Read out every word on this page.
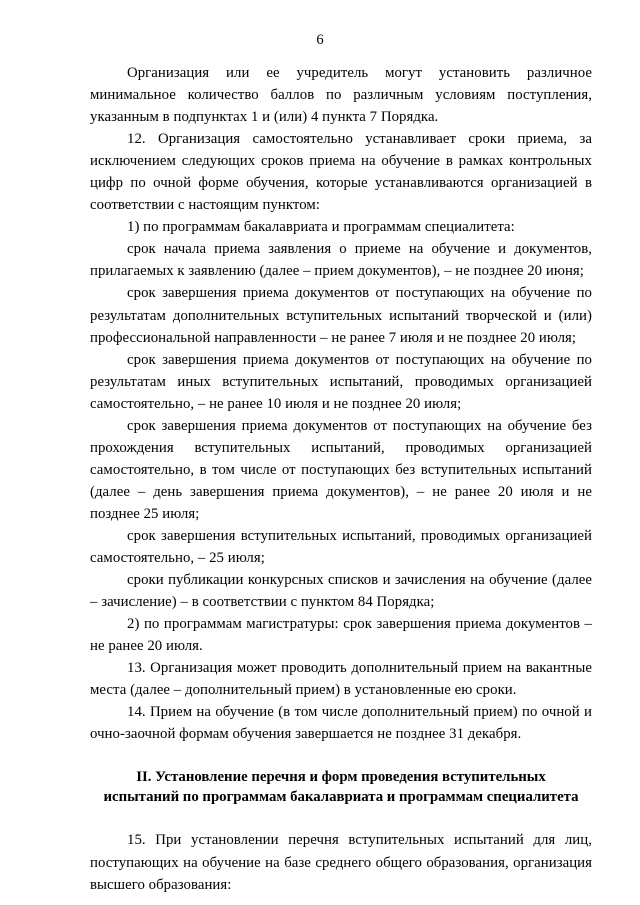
6

Организация или ее учредитель могут установить различное минимальное количество баллов по различным условиям поступления, указанным в подпунктах 1 и (или) 4 пункта 7 Порядка.

12. Организация самостоятельно устанавливает сроки приема, за исключением следующих сроков приема на обучение в рамках контрольных цифр по очной форме обучения, которые устанавливаются организацией в соответствии с настоящим пунктом:

1) по программам бакалавриата и программам специалитета:

срок начала приема заявления о приеме на обучение и документов, прилагаемых к заявлению (далее – прием документов), – не позднее 20 июня;

срок завершения приема документов от поступающих на обучение по результатам дополнительных вступительных испытаний творческой и (или) профессиональной направленности – не ранее 7 июля и не позднее 20 июля;

срок завершения приема документов от поступающих на обучение по результатам иных вступительных испытаний, проводимых организацией самостоятельно, – не ранее 10 июля и не позднее 20 июля;

срок завершения приема документов от поступающих на обучение без прохождения вступительных испытаний, проводимых организацией самостоятельно, в том числе от поступающих без вступительных испытаний (далее – день завершения приема документов), – не ранее 20 июля и не позднее 25 июля;

срок завершения вступительных испытаний, проводимых организацией самостоятельно, – 25 июля;

сроки публикации конкурсных списков и зачисления на обучение (далее – зачисление) – в соответствии с пунктом 84 Порядка;

2) по программам магистратуры: срок завершения приема документов – не ранее 20 июля.

13. Организация может проводить дополнительный прием на вакантные места (далее – дополнительный прием) в установленные ею сроки.

14. Прием на обучение (в том числе дополнительный прием) по очной и очно-заочной формам обучения завершается не позднее 31 декабря.

II. Установление перечня и форм проведения вступительных
испытаний по программам бакалавриата и программам специалитета

15. При установлении перечня вступительных испытаний для лиц, поступающих на обучение на базе среднего общего образования, организация высшего образования:
